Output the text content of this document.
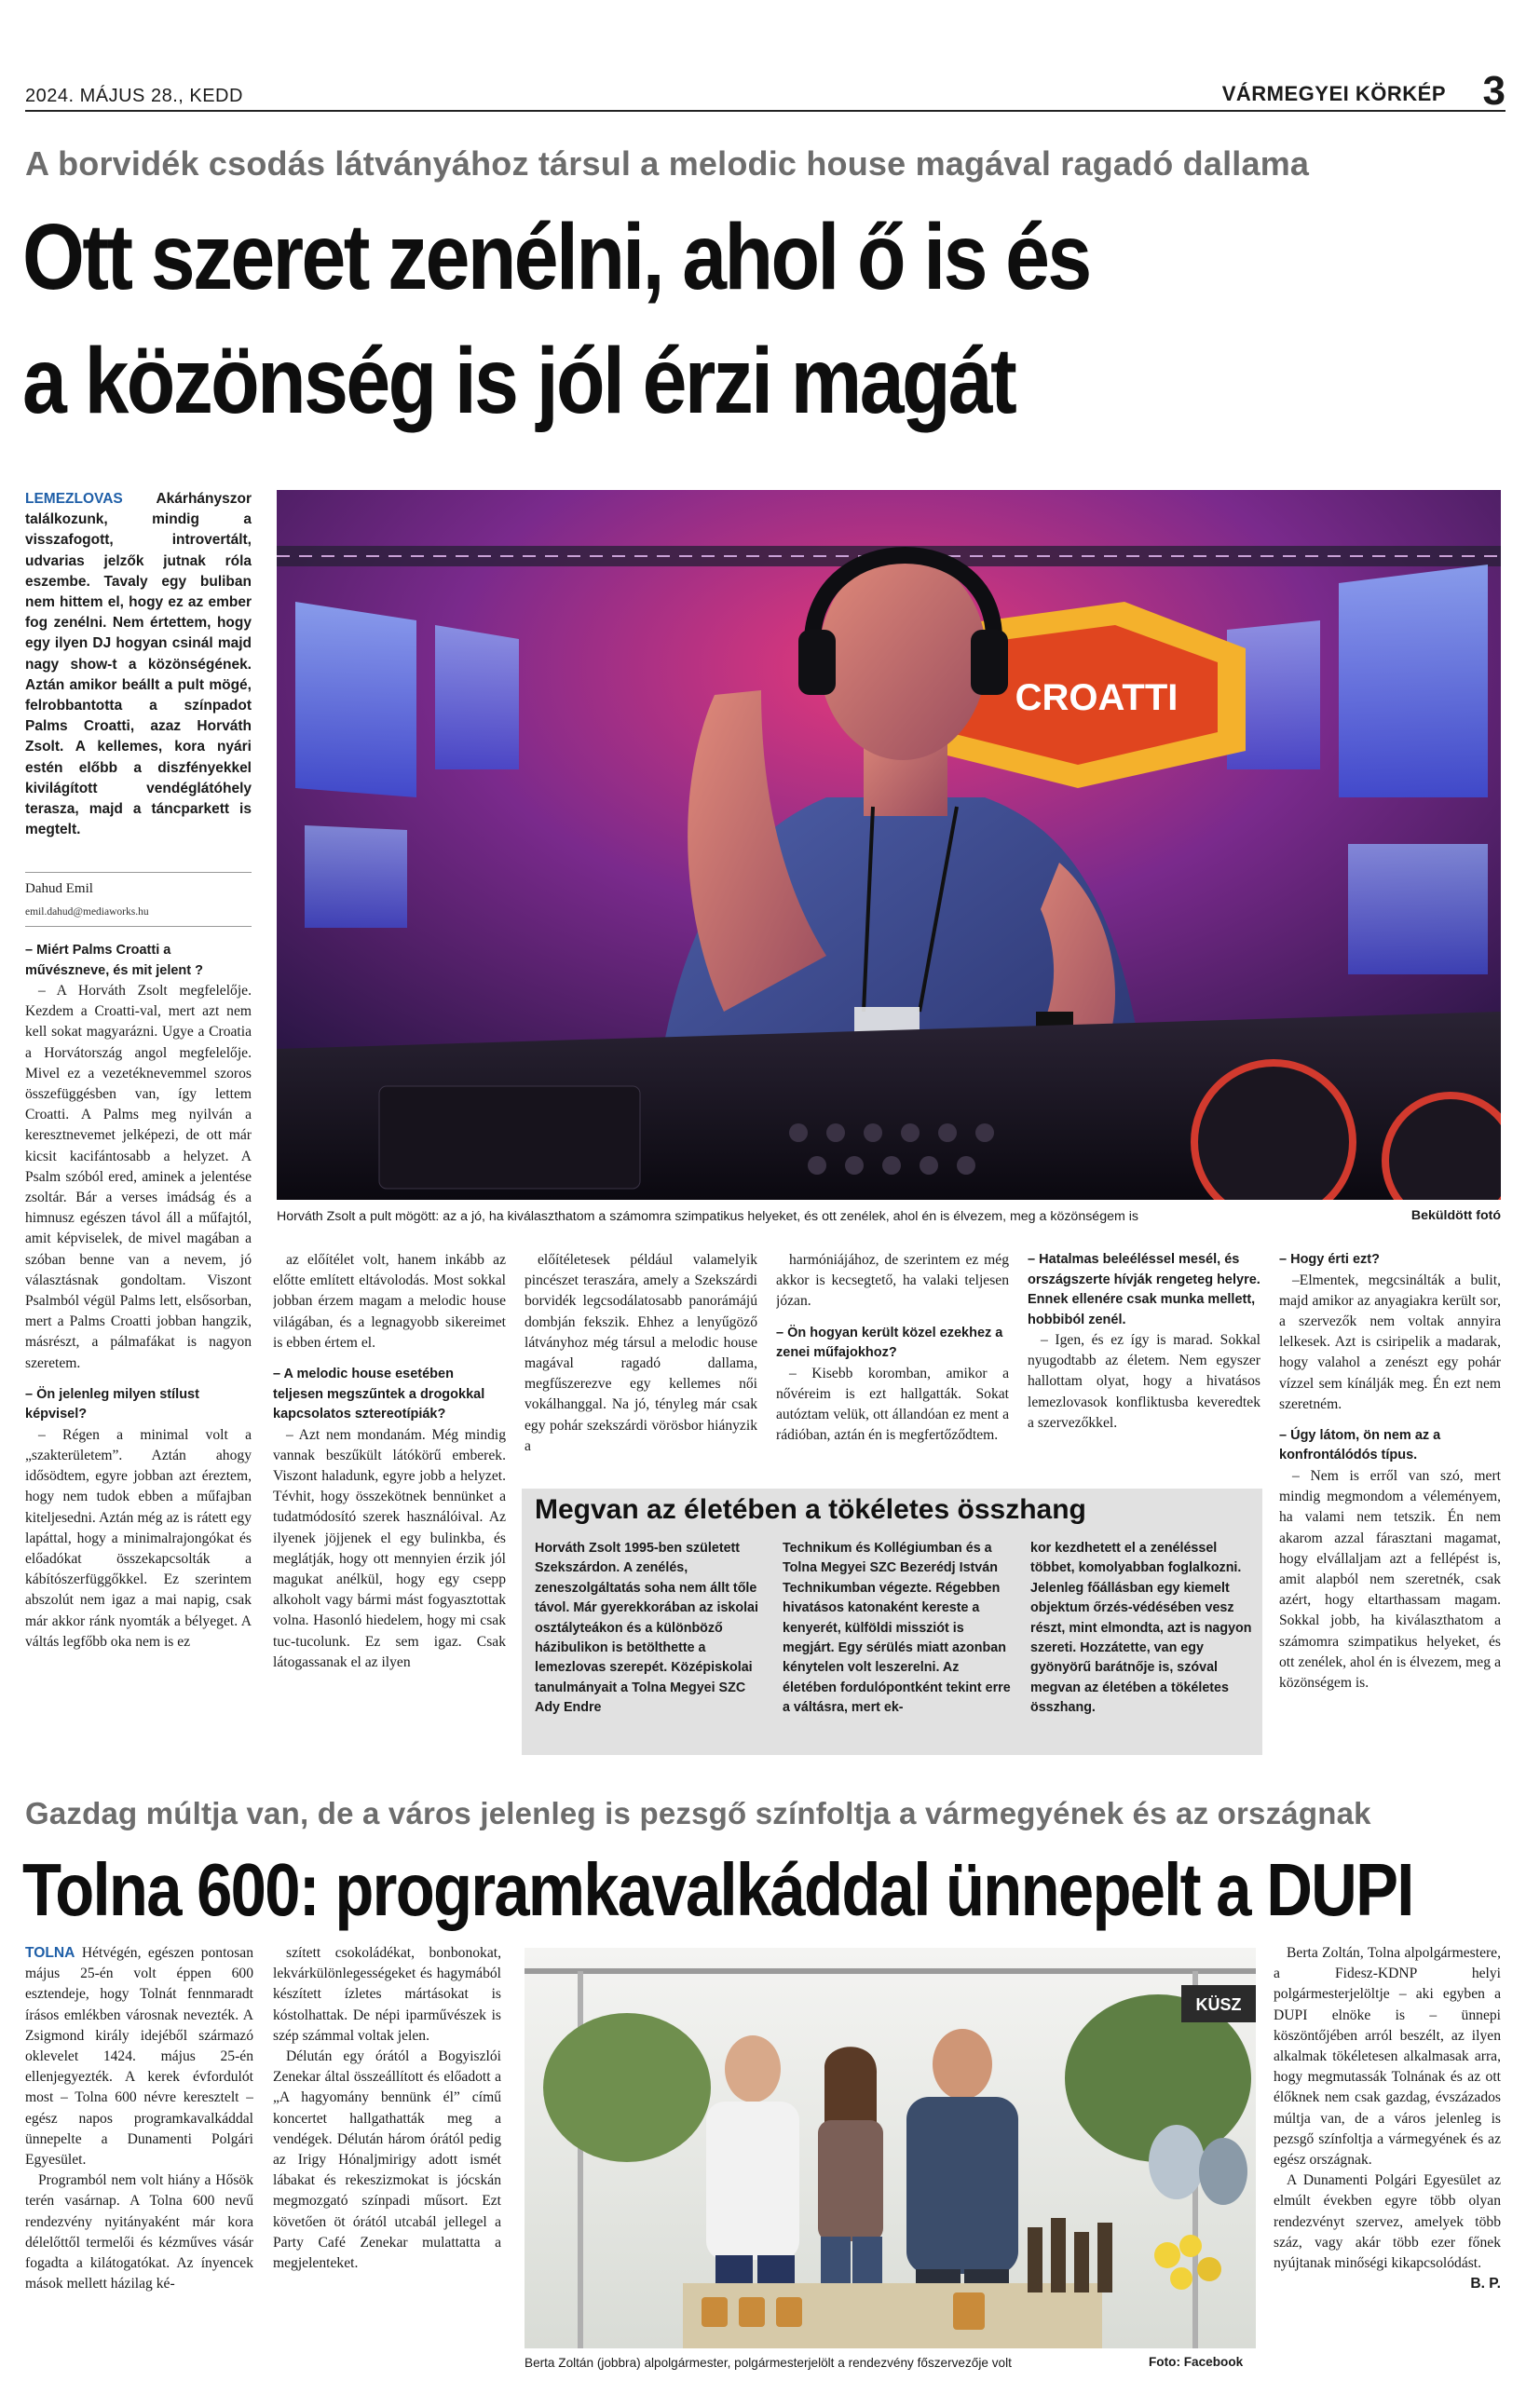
2024. MÁJUS 28., KEDD	VÁRMEGYEI KÖRKÉP 3
A borvidék csodás látványához társul a melodic house magával ragadó dallama
Ott szeret zenélni, ahol ő is és
a közönség is jól érzi magát
LEMEZLOVAS Akárhányszor találkozunk, mindig a visszafogott, introvertált, udvarias jelzők jutnak róla eszembe. Tavaly egy buliban nem hittem el, hogy ez az ember fog zenélni. Nem értettem, hogy egy ilyen DJ hogyan csinál majd nagy show-t a közönségének. Aztán amikor beállt a pult mögé, felrobbantotta a színpadot Palms Croatti, azaz Horváth Zsolt. A kellemes, kora nyári estén előbb a diszfényekkel kivilágított vendéglátóhely teraszа, majd a táncparkett is megtelt.
Dahud Emil
emil.dahud@mediaworks.hu
CROATTI
Horváth Zsolt a pult mögött: az a jó, ha kiválaszthatom a számomra szimpatikus helyeket, és ott zenélek, ahol én is élvezem, meg a közönségem is	Beküldött fotó

– Miért Palms Croatti a művészneve, és mit jelent ?

– A Horváth Zsolt megfelelője. Kezdem a Croatti-val, mert azt nem kell sokat magyarázni. Ugye a Croatia a Horvátország angol megfelelője. Mivel ez a vezetéknevemmel szoros összefüggésben van, így lettem Croatti. A Palms meg nyilván a keresztnevemet jelképezi, de ott már kicsit kacifántosabb a helyzet. A Psalm szóból ered, aminek a jelentése zsoltár. Bár a verses imádság és a himnusz egészen távol áll a műfajtól, amit képviselek, de mivel magában a szóban benne van a nevem, jó választásnak gondoltam. Viszont Psalmból végül Palms lett, elsősorban, mert a Palms Croatti jobban hangzik, másrészt, a pálmafákat is nagyon szeretem.

– Ön jelenleg milyen stílust képvisel?

– Régen a minimal volt a „szakterületem”. Aztán ahogy idősödtem, egyre jobban azt éreztem, hogy nem tudok ebben a műfajban kiteljesedni. Aztán még az is rátett egy lapáttal, hogy a minimalrajongókat és előadókat összekapcsolták a kábítószerfüggőkkel. Ez szerintem abszolút nem igaz a mai napig, csak már akkor ránk nyomták a bélyeget. A váltás legfőbb oka nem is ez

az előítélet volt, hanem inkább az előtte említett eltávolodás. Most sokkal jobban érzem magam a melodic house világában, és a legnagyobb sikereimet is ebben értem el.

– A melodic house esetében teljesen megszűntek a drogokkal kapcsolatos sztereotípiák?

– Azt nem mondanám. Még mindig vannak beszűkült látókörű emberek. Viszont haladunk, egyre jobb a helyzet. Tévhit, hogy összekötnek bennünket a tudatmódosító szerek használóival. Az ilyenek jöjjenek el egy bulinkba, és meglátják, hogy ott mennyien érzik jól magukat anélkül, hogy egy csepp alkoholt vagy bármi mást fogyasztottak volna. Hasonló hiedelem, hogy mi csak tuc-tucolunk. Ez sem igaz. Csak látogassanak el az ilyen

előítéletesek például valamelyik pincészet teraszára, amely a Szekszárdi borvidék legcsodálatosabb panorámájú dombján fekszik. Ehhez a lenyűgöző látványhoz még társul a melodic house magával ragadó dallama, megfűszerezve egy kellemes női vokálhanggal. Na jó, tényleg már csak egy pohár szekszárdi vörösbor hiányzik a

harmóniájához, de szerintem ez még akkor is kecsegtető, ha valaki teljesen józan.

– Ön hogyan került közel ezekhez a zenei műfajokhoz?

– Kisebb koromban, amikor a nővéreim is ezt hallgatták. Sokat autóztam velük, ott állandóan ez ment a rádióban, aztán én is megfertőződtem.

– Hatalmas beleéléssel mesél, és országszerte hívják rengeteg helyre. Ennek ellenére csak munka mellett, hobbiból zenél.

– Igen, és ez így is marad. Sokkal nyugodtabb az életem. Nem egyszer hallottam olyat, hogy a hivatásos lemezlovasok konfliktusba keveredtek a szervezőkkel.

– Hogy érti ezt?

–Elmentek, megcsinálták a bulit, majd amikor az anyagiakra került sor, a szervezők nem voltak annyira lelkesek. Azt is csiripelik a madarak, hogy valahol a zenészt egy pohár vízzel sem kínálják meg. Én ezt nem szeretném.

– Úgy látom, ön nem az a konfrontálódós típus.

– Nem is erről van szó, mert mindig megmondom a véleményem, ha valami nem tetszik. Én nem akarom azzal fárasztani magamat, hogy elvállaljam azt a fellépést is, amit alapból nem szeretnék, csak azért, hogy eltarthassam magam. Sokkal jobb, ha kiválaszthatom a számomra szimpatikus helyeket, és ott zenélek, ahol én is élvezem, meg a közönségem is.

Megvan az életében a tökéletes összhang
Horváth Zsolt 1995-ben született Szekszárdon. A zenélés, zeneszolgáltatás soha nem állt tőle távol. Már gyerekkorában az iskolai osztályteákon és a különböző házibulikon is betölthette a lemezlovas szerepét. Középiskolai tanulmányait a Tolna Megyei SZC Ady Endre
Technikum és Kollégiumban és a Tolna Megyei SZC Bezerédj István Technikumban végezte. Régebben hivatásos katonaként kereste a kenyerét, külföldi missziót is megjárt. Egy sérülés miatt azonban kénytelen volt leszerelni. Az életében fordulópontként tekint erre a váltásra, mert ek-
kor kezdhetett el a zenéléssel többet, komolyabban foglalkozni. Jelenleg főállásban egy kiemelt objektum őrzés-védésében vesz részt, mint elmondta, azt is nagyon szereti. Hozzátette, van egy gyönyörű barátnője is, szóval megvan az életében a tökéletes összhang.
Gazdag múltja van, de a város jelenleg is pezsgő színfoltja a vármegyének és az országnak
Tolna 600: programkavalkáddal ünnepelt a DUPI

TOLNA Hétvégén, egészen pontosan május 25-én volt éppen 600 esztendeje, hogy Tolnát fennmaradt írásos emlékben városnak nevezték. A Zsigmond király idejéből származó oklevelet 1424. május 25-én ellenjegyezték. A kerek évfordulót most – Tolna 600 névre keresztelt – egész napos programkavalkáddal ünnepelte a Dunamenti Polgári Egyesület.

Programból nem volt hiány a Hősök terén vasárnap. A Tolna 600 nevű rendezvény nyitányaként már kora délelőttől termelői és kézműves vásár fogadta a kilátogatókat. Az ínyencek mások mellett házilag ké-

szített csokoládékat, bonbonokat, lekvárkülönlegességeket és hagymából készített ízletes mártásokat is kóstolhattak. De népi iparművészek is szép számmal voltak jelen.

Délután egy órától a Bogyiszlói Zenekar által összeállított és előadott a „A hagyomány bennünk él” című koncertet hallgathatták meg a vendégek. Délután három órától pedig az Irigy Hónaljmirigy adott ismét lábakat és rekeszizmokat is jócskán megmozgató színpadi műsort. Ezt követően öt órától utcabál jellegel a Party Café Zenekar mulattatta a megjelenteket.

KÜSZ
Berta Zoltán (jobbra) alpolgármester, polgármesterjelölt a rendezvény főszervezője volt	Foto: Facebook

Berta Zoltán, Tolna alpolgármestere, a Fidesz-KDNP helyi polgármesterjelöltje – aki egyben a DUPI elnöke is – ünnepi köszöntőjében arról beszélt, az ilyen alkalmak tökéletesen alkalmasak arra, hogy megmutassák Tolnának és az ott élőknek nem csak gazdag, évszázados múltja van, de a város jelenleg is pezsgő színfoltja a vármegyének és az egész országnak.

A Dunamenti Polgári Egyesület az elmúlt években egyre több olyan rendezvényt szervez, amelyek több száz, vagy akár több ezer főnek nyújtanak minőségi kikapcsolódást.

B. P.
